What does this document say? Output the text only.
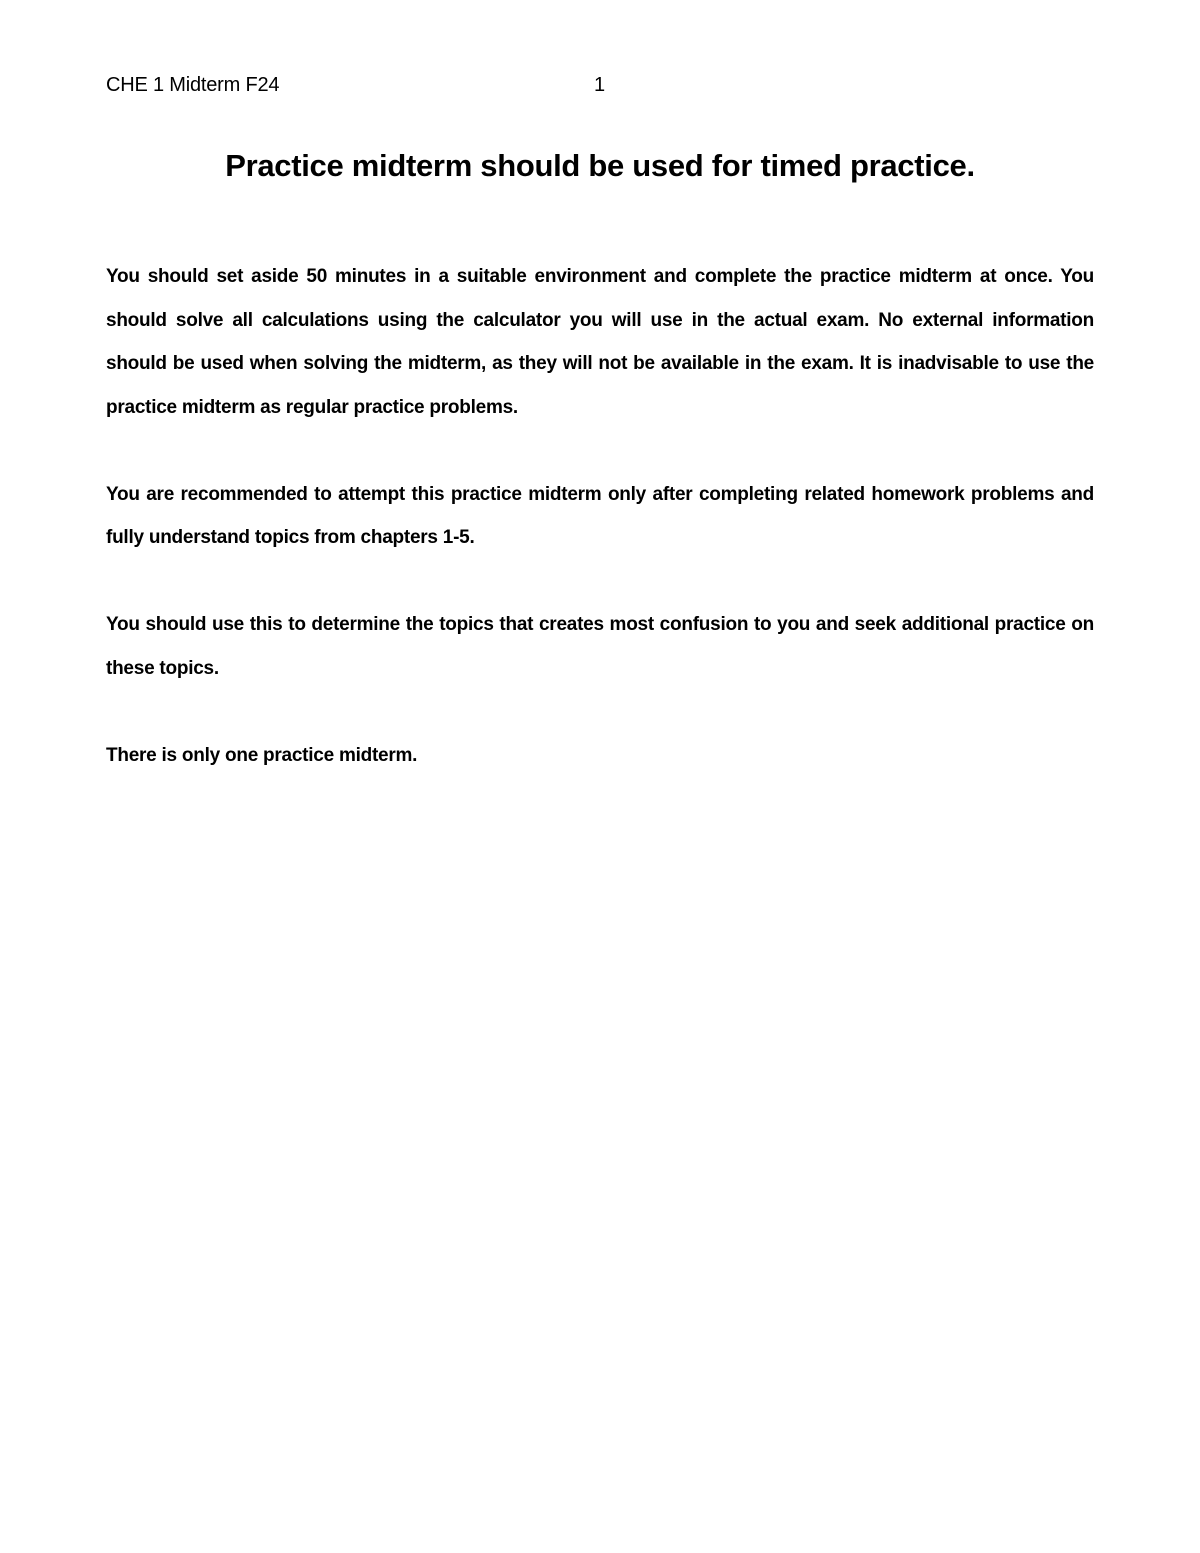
CHE 1 Midterm F24	1
Practice midterm should be used for timed practice.

You should set aside 50 minutes in a suitable environment and complete the practice midterm at once. You should solve all calculations using the calculator you will use in the actual exam. No external information should be used when solving the midterm, as they will not be available in the exam. It is inadvisable to use the practice midterm as regular practice problems.

You are recommended to attempt this practice midterm only after completing related homework problems and fully understand topics from chapters 1-5.

You should use this to determine the topics that creates most confusion to you and seek additional practice on these topics.

There is only one practice midterm.
